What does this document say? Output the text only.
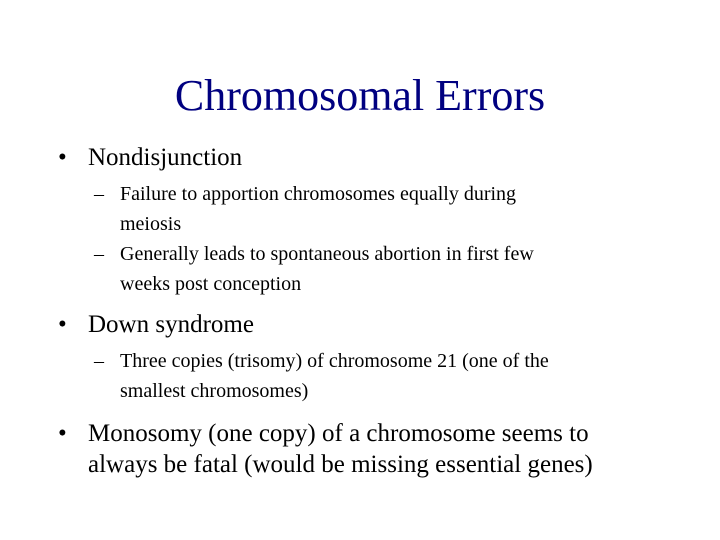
Chromosomal Errors
• Nondisjunction
– Failure to apportion chromosomes equally during
meiosis
– Generally leads to spontaneous abortion in first few
weeks post conception
• Down syndrome
– Three copies (trisomy) of chromosome 21 (one of the
smallest chromosomes)
• Monosomy (one copy) of a chromosome seems to
always be fatal (would be missing essential genes)
